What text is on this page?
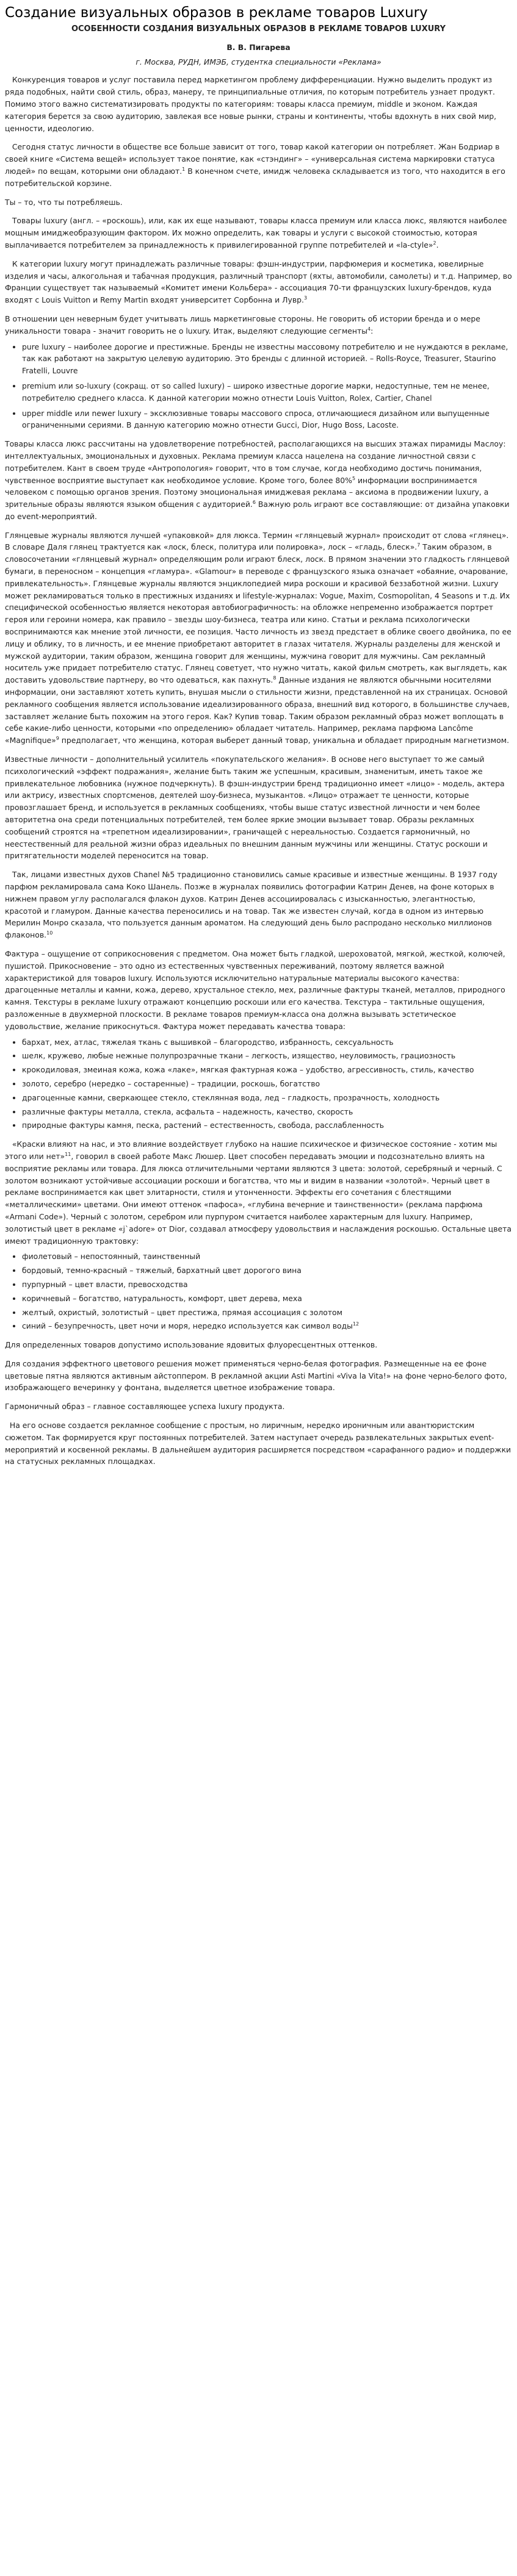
Создание визуальных образов в рекламе товаров Luxury
ОСОБЕННОСТИ СОЗДАНИЯ ВИЗУАЛЬНЫХ ОБРАЗОВ В РЕКЛАМЕ ТОВАРОВ LUXURY
В. В. Пигарева
г. Москва, РУДН, ИМЭБ, студентка специальности «Реклама»

Конкуренция товаров и услуг поставила перед маркетингом проблему дифференциации. Нужно выделить продукт из ряда подобных, найти свой стиль, образ, манеру, те принципиальные отличия, по которым потребитель узнает продукт. Помимо этого важно систематизировать продукты по категориям: товары класса премиум, middle и эконом. Каждая категория берется за свою аудиторию, завлекая все новые рынки, страны и континенты, чтобы вдохнуть в них свой мир, ценности, идеологию.

Сегодня статус личности в обществе все больше зависит от того, товар какой категории он потребляет. Жан Бодриар в своей книге «Система вещей» использует такое понятие, как «стэндинг» – «универсальная система маркировки статуса людей» по вещам, которыми они обладают.$^1$ В конечном счете, имидж человека складывается из того, что находится в его потребительской корзине.

Ты – то, что ты потребляешь.

Товары luxury (англ. – «роскошь), или, как их еще называют, товары класса премиум или класса люкс, являются наиболее мощным имиджеобразующим фактором. Их можно определить, как товары и услуги с высокой стоимостью, которая выплачивается потребителем за принадлежность к привилегированной группе потребителей и «la-сtyle»$^2$.

К категории luxury могут принадлежать различные товары: фэшн-индустрии, парфюмерия и косметика, ювелирные изделия и часы, алкогольная и табачная продукция, различный транспорт (яхты, автомобили, самолеты) и т.д. Например, во Франции существует так называемый «Комитет имени Кольбера» - ассоциация 70-ти французских luxury-брендов, куда входят с Louis Vuitton и Remy Martin входят университет Сорбонна и Лувр.$^3$

В отношении цен неверным будет учитывать лишь маркетинговые стороны. Не говорить об истории бренда и о мере уникальности товара - значит говорить не о luxury. Итак, выделяют следующие сегменты$^4$:

• pure luxury – наиболее дорогие и престижные. Бренды не известны массовому потребителю и не нуждаются в рекламе, так как работают на закрытую целевую аудиторию. Это бренды с длинной историей. – Rolls-Royce, Treasurer, Staurino Fratelli, Louvre
• premium или so-luxury (сокращ. от so called luxury) – широко известные дорогие марки, недоступные, тем не менее, потребителю среднего класса. К данной категории можно отнести Louis Vuitton, Rolex, Cartier, Chanel
• upper middle или newer luxury – эксклюзивные товары массового спроса, отличающиеся дизайном или выпущенные ограниченными сериями. В данную категорию можно отнести Gucci, Dior, Hugo Boss, Lacoste.

Товары класса люкс рассчитаны на удовлетворение потребностей, располагающихся на высших этажах пирамиды Маслоу: интеллектуальных, эмоциональных и духовных. Реклама премиум класса нацелена на создание личностной связи с потребителем. Кант в своем труде «Антропология» говорит, что в том случае, когда необходимо достичь понимания, чувственное восприятие выступает как необходимое условие. Кроме того, более 80%$^5$ информации воспринимается человеком с помощью органов зрения. Поэтому эмоциональная имиджевая реклама – аксиома в продвижении luxury, а зрительные образы являются языком общения с аудиторией.$^6$ Важную роль играют все составляющие: от дизайна упаковки до event-мероприятий.

Глянцевые журналы являются лучшей «упаковкой» для люкса. Термин «глянцевый журнал» происходит от слова «глянец». В словаре Даля глянец трактуется как «лоск, блеск, политура или полировка», лоск – «гладь, блеск».$^7$ Таким образом, в словосочетании «глянцевый журнал» определяющим роли играют блеск, лоск. В прямом значении это гладкость глянцевой бумаги, в переносном – концепция «гламура». «Glamour» в переводе с французского языка означает «обаяние, очарование, привлекательность». Глянцевые журналы являются энциклопедией мира роскоши и красивой беззаботной жизни. Luxury может рекламироваться только в престижных изданиях и lifestyle-журналах: Vogue, Maxim, Cosmopolitan, 4 Seasons и т.д. Их специфической особенностью является некоторая автобиографичность: на обложке непременно изображается портрет героя или героини номера, как правило – звезды шоу-бизнеса, театра или кино. Статьи и реклама психологически воспринимаются как мнение этой личности, ее позиция. Часто личность из звезд предстает в облике своего двойника, по ее лицу и облику, то в личность, и ее мнение приобретают авторитет в глазах читателя. Журналы разделены для женской и мужской аудитории, таким образом, женщина говорит для женщины, мужчина говорит для мужчины. Сам рекламный носитель уже придает потребителю статус. Глянец советует, что нужно читать, какой фильм смотреть, как выглядеть, как доставить удовольствие партнеру, во что одеваться, как пахнуть.$^8$ Данные издания не являются обычными носителями информации, они заставляют хотеть купить, внушая мысли о стильности жизни, представленной на их страницах. Основой рекламного сообщения является использование идеализированного образа, внешний вид которого, в большинстве случаев, заставляет желание быть похожим на этого героя. Как? Купив товар. Таким образом рекламный образ может воплощать в себе какие-либо ценности, которыми «по определению» обладает читатель. Например, реклама парфюма Lancôme «Magnifique»$^9$ предполагает, что женщина, которая выберет данный товар, уникальна и обладает природным магнетизмом.

Известные личности – дополнительный усилитель «покупательского желания». В основе него выступает то же самый психологический «эффект подражания», желание быть таким же успешным, красивым, знаменитым, иметь такое же привлекательное любовника (нужное подчеркнуть). В фэшн-индустрии бренд традиционно имеет «лицо» - модель, актера или актрису, известных спортсменов, деятелей шоу-бизнеса, музыкантов. «Лицо» отражает те ценности, которые провозглашает бренд, и используется в рекламных сообщениях, чтобы выше статус известной личности и чем более авторитетна она среди потенциальных потребителей, тем более яркие эмоции вызывает товар. Образы рекламных сообщений строятся на «трепетном идеализировании», граничащей с нереальностью. Создается гармоничный, но неестественный для реальной жизни образ идеальных по внешним данным мужчины или женщины. Статус роскоши и притягательности моделей переносится на товар.

Так, лицами известных духов Chanel №5 традиционно становились самые красивые и известные женщины. В 1937 году парфюм рекламировала сама Коко Шанель. Позже в журналах появились фотографии Катрин Денев, на фоне которых в нижнем правом углу располагался флакон духов. Катрин Денев ассоциировалась с изысканностью, элегантностью, красотой и гламуром. Данные качества переносились и на товар. Так же известен случай, когда в одном из интервью Мерилин Монро сказала, что пользуется данным ароматом. На следующий день было распродано несколько миллионов флаконов.$^{10}$

Фактура – ощущение от соприкосновения с предметом. Она может быть гладкой, шероховатой, мягкой, жесткой, колючей, пушистой. Прикосновение – это одно из естественных чувственных переживаний, поэтому является важной характеристикой для товаров luxury. Используются исключительно натуральные материалы высокого качества: драгоценные металлы и камни, кожа, дерево, хрустальное стекло, мех, различные фактуры тканей, металлов, природного камня. Текстуры в рекламе luxury отражают концепцию роскоши или его качества. Текстура – тактильные ощущения, разложенные в двухмерной плоскости. В рекламе товаров премиум-класса она должна вызывать эстетическое удовольствие, желание прикоснуться. Фактура может передавать качества товара:

• бархат, мех, атлас, тяжелая ткань с вышивкой – благородство, избранность, сексуальность
• шелк, кружево, любые нежные полупрозрачные ткани – легкость, изящество, неуловимость, грациозность
• крокодиловая, змеиная кожа, кожа «лаке», мягкая фактурная кожа – удобство, агрессивность, стиль, качество
• золото, серебро (нередко – состаренные) – традиции, роскошь, богатство
• драгоценные камни, сверкающее стекло, стеклянная вода, лед – гладкость, прозрачность, холодность
• различные фактуры металла, стекла, асфальта – надежность, качество, скорость
• природные фактуры камня, песка, растений – естественность, свобода, расслабленность

«Краски влияют на нас, и это влияние воздействует глубоко на нашие психическое и физическое состояние - хотим мы этого или нет»$^{11}$, говорил в своей работе Макс Люшер. Цвет способен передавать эмоции и подсознательно влиять на восприятие рекламы или товара. Для люкса отличительными чертами являются 3 цвета: золотой, серебряный и черный. С золотом возникают устойчивые ассоциации роскоши и богатства, что мы и видим в названии «золотой». Черный цвет в рекламе воспринимается как цвет элитарности, стиля и утонченности. Эффекты его сочетания с блестящими «металлическими» цветами. Они имеют оттенок «пафоса», «глубина вечерние и таинственности» (реклама парфюма «Armani Code»). Черный с золотом, серебром или пурпуром считается наиболее характерным для luxury. Например, золотистый цвет в рекламе «j`adore» от Dior, создавал атмосферу удовольствия и наслаждения роскошью. Остальные цвета имеют традиционную трактовку:

• фиолетовый – непостоянный, таинственный
• бордовый, темно-красный – тяжелый, бархатный цвет дорогого вина
• пурпурный – цвет власти, превосходства
• коричневый – богатство, натуральность, комфорт, цвет дерева, меха
• желтый, охристый, золотистый – цвет престижа, прямая ассоциация с золотом
• синий – безупречность, цвет ночи и моря, нередко используется как символ воды$^{12}$

Для определенных товаров допустимо использование ядовитых флуоресцентных оттенков.

Для создания эффектного цветового решения может применяться черно-белая фотография. Размещенные на ее фоне цветовые пятна являются активным айстоппером. В рекламной акции Asti Martini «Viva la Vita!» на фоне черно-белого фото, изображающего вечеринку у фонтана, выделяется цветное изображение товара.

Гармоничный образ – главное составляющее успеха luxury продукта.

На его основе создается рекламное сообщение с простым, но лиричным, нередко ироничным или авантюристским сюжетом. Так формируется круг постоянных потребителей. Затем наступает очередь развлекательных закрытых event-мероприятий и косвенной рекламы. В дальнейшем аудитория расширяется посредством «сарафанного радио» и поддержки на статусных рекламных площадках.
